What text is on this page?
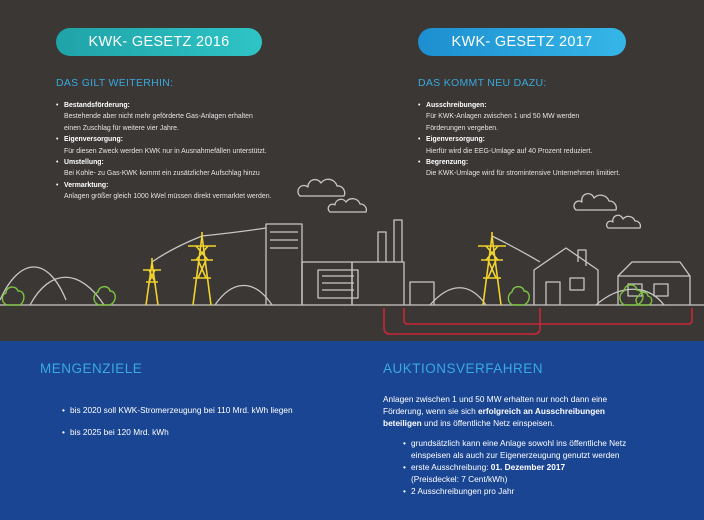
KWK- GESETZ 2016	KWK- GESETZ 2017
DAS GILT WEITERHIN:	DAS KOMMT NEU DAZU:
• Bestandsförderung:
Bestehende aber nicht mehr geförderte Gas-Anlagen erhalten
einen Zuschlag für weitere vier Jahre.
• Eigenversorgung:
Für diesen Zweck werden KWK nur in Ausnahmefällen unterstützt.
• Umstellung:
Bei Kohle- zu Gas-KWK kommt ein zusätzlicher Aufschlag hinzu
• Vermarktung:
Anlagen größer gleich 1000 kWel müssen direkt vermarktet werden.
• Ausschreibungen:
Für KWK-Anlagen zwischen 1 und 50 MW werden
Förderungen vergeben.
• Eigenversorgung:
Hierfür wird die EEG-Umlage auf 40 Prozent reduziert.
• Begrenzung:
Die KWK-Umlage wird für stromintensive Unternehmen limitiert.
MENGENZIELE
• bis 2020 soll KWK-Stromerzeugung bei 110 Mrd. kWh liegen
• bis 2025 bei 120 Mrd. kWh
AUKTIONSVERFAHREN
Anlagen zwischen 1 und 50 MW erhalten nur noch dann eine
Förderung, wenn sie sich erfolgreich an Ausschreibungen
beteiligen und ins öffentliche Netz einspeisen.
• grundsätzlich kann eine Anlage sowohl ins öffentliche Netz
einspeisen als auch zur Eigenerzeugung genutzt werden
• erste Ausschreibung: 01. Dezember 2017
(Preisdeckel: 7 Cent/kWh)
• 2 Ausschreibungen pro Jahr
